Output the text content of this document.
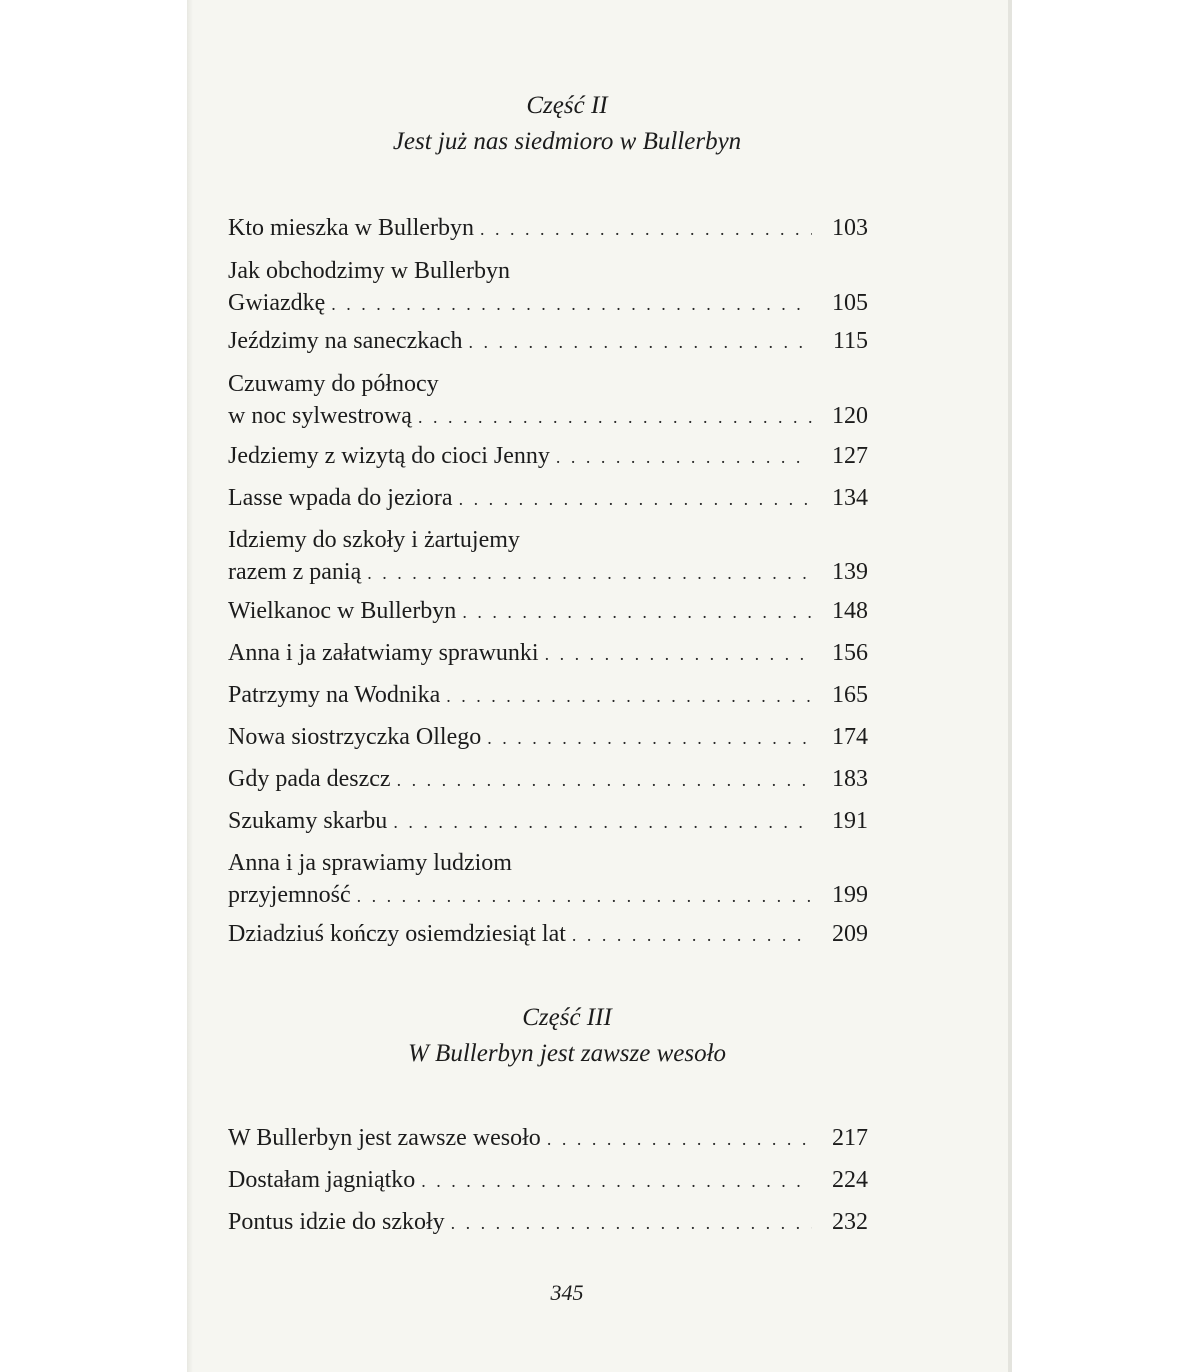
Część II
Jest już nas siedmioro w Bullerbyn
Kto mieszka w Bullerbyn . . .	103
Jak obchodzimy w Bullerbyn
Gwiazdkę . . .	105
Jeździmy na saneczkach . . .	115
Czuwamy do północy
w noc sylwestrową . . .	120
Jedziemy z wizytą do cioci Jenny . . .	127
Lasse wpada do jeziora . . .	134
Idziemy do szkoły i żartujemy
razem z panią . . .	139
Wielkanoc w Bullerbyn . . .	148
Anna i ja załatwiamy sprawunki . . .	156
Patrzymy na Wodnika . . .	165
Nowa siostrzyczka Ollego . . .	174
Gdy pada deszcz . . .	183
Szukamy skarbu . . .	191
Anna i ja sprawiamy ludziom
przyjemność . . .	199
Dziadziuś kończy osiemdziesiąt lat . . .	209
Część III
W Bullerbyn jest zawsze wesoło
W Bullerbyn jest zawsze wesoło . . .	217
Dostałam jagniątko . . .	224
Pontus idzie do szkoły . . .	232
345
